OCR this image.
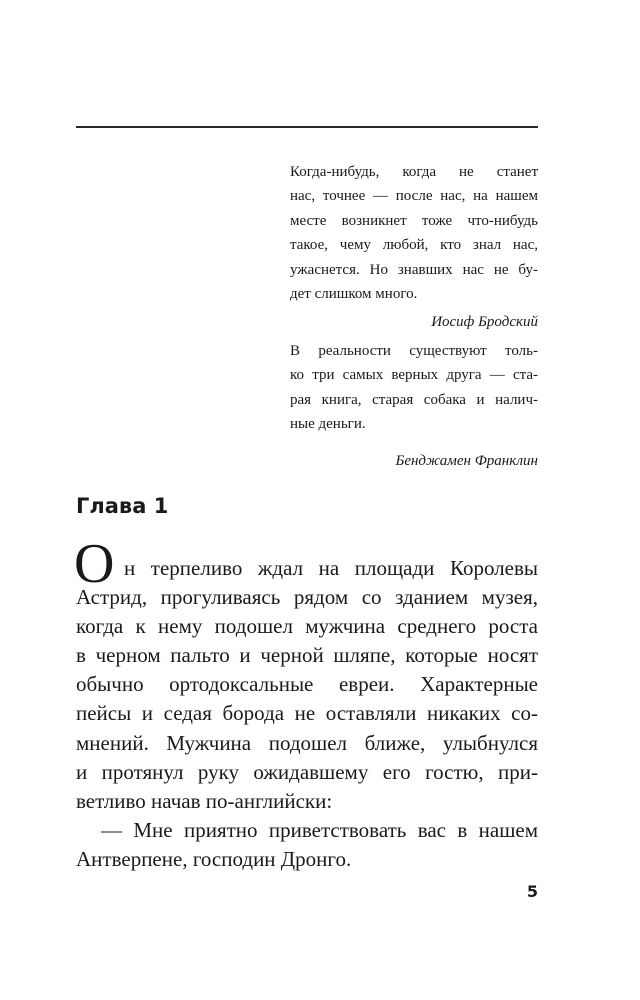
Когда-нибудь, когда не станет
нас, точнее — после нас, на нашем
месте возникнет тоже что-нибудь
такое, чему любой, кто знал нас,
ужаснется. Но знавших нас не бу-
дет слишком много.
Иосиф Бродский
В реальности существуют толь-
ко три самых верных друга — ста-
рая книга, старая собака и налич-
ные деньги.
Бенджамен Франклин
Глава 1
О н терпеливо ждал на площади Королевы
Астрид, прогуливаясь рядом со зданием музея,
когда к нему подошел мужчина среднего роста
в черном пальто и черной шляпе, которые носят
обычно ортодоксальные евреи. Характерные
пейсы и седая борода не оставляли никаких со-
мнений. Мужчина подошел ближе, улыбнулся
и протянул руку ожидавшему его гостю, при-
ветливо начав по-английски:
— Мне приятно приветствовать вас в нашем
Антверпене, господин Дронго.
5
